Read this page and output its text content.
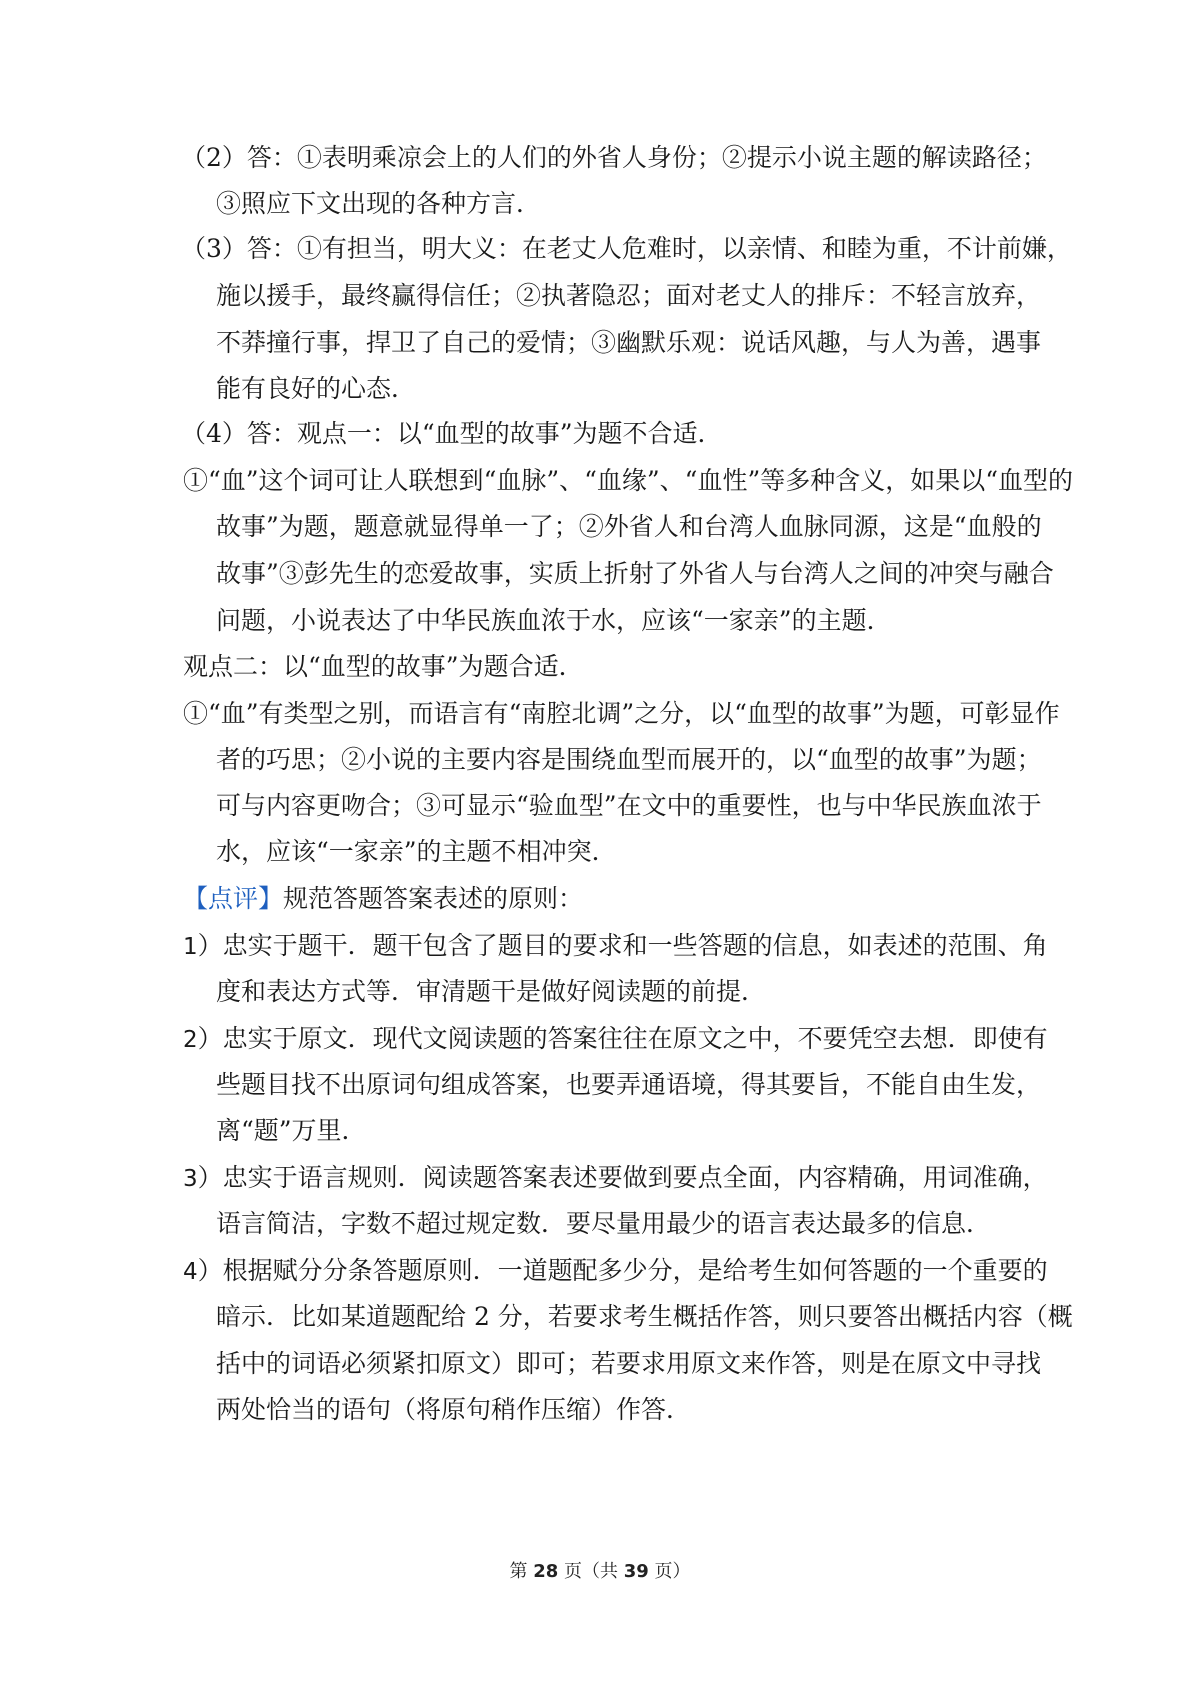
（2）答：①表明乘凉会上的人们的外省人身份；②提示小说主题的解读路径；
③照应下文出现的各种方言．
（3）答：①有担当，明大义：在老丈人危难时，以亲情、和睦为重，不计前嫌，
施以援手，最终赢得信任；②执著隐忍；面对老丈人的排斥：不轻言放弃，
不莽撞行事，捍卫了自己的爱情；③幽默乐观：说话风趣，与人为善，遇事
能有良好的心态．
（4）答：观点一：以“血型的故事”为题不合适．
①“血”这个词可让人联想到“血脉”、“血缘”、“血性”等多种含义，如果以“血型的
故事”为题，题意就显得单一了；②外省人和台湾人血脉同源，这是“血般的
故事”③彭先生的恋爱故事，实质上折射了外省人与台湾人之间的冲突与融合
问题，小说表达了中华民族血浓于水，应该“一家亲”的主题．
观点二：以“血型的故事”为题合适．
①“血”有类型之别，而语言有“南腔北调”之分，以“血型的故事”为题，可彰显作
者的巧思；②小说的主要内容是围绕血型而展开的，以“血型的故事”为题；
可与内容更吻合；③可显示“验血型”在文中的重要性，也与中华民族血浓于
水，应该“一家亲”的主题不相冲突．
【点评】规范答题答案表述的原则：
1）忠实于题干．题干包含了题目的要求和一些答题的信息，如表述的范围、角
度和表达方式等．审清题干是做好阅读题的前提．
2）忠实于原文．现代文阅读题的答案往往在原文之中，不要凭空去想．即使有
些题目找不出原词句组成答案，也要弄通语境，得其要旨，不能自由生发，
离“题”万里．
3）忠实于语言规则．阅读题答案表述要做到要点全面，内容精确，用词准确，
语言简洁，字数不超过规定数．要尽量用最少的语言表达最多的信息．
4）根据赋分分条答题原则．一道题配多少分，是给考生如何答题的一个重要的
暗示．比如某道题配给 2 分，若要求考生概括作答，则只要答出概括内容（概
括中的词语必须紧扣原文）即可；若要求用原文来作答，则是在原文中寻找
两处恰当的语句（将原句稍作压缩）作答．
第 28 页（共 39 页）
